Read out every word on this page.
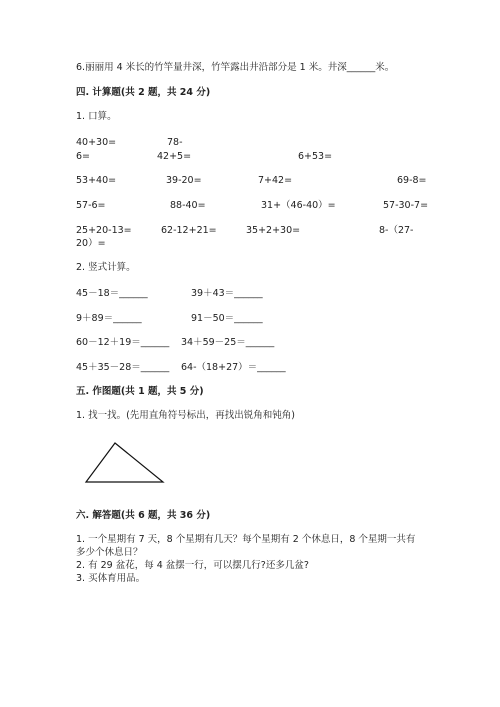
6.丽丽用 4 米长的竹竿量井深，竹竿露出井沿部分是 1 米。井深______米。
四. 计算题(共 2 题，共 24 分)
1. 口算。
40+30=	78-
6=	42+5=	6+53=
53+40=	39-20=	7+42=	69-8=
57-6=	88-40=	31+（46-40）=	57-30-7=
25+20-13=	62-12+21=	35+2+30=	8-（27-
20）=
2. 竖式计算。
45－18＝______	39＋43＝______
9＋89＝______	91－50＝______
60－12＋19＝______ 34＋59－25＝______
45＋35－28＝______ 64-（18+27）＝______
五. 作图题(共 1 题，共 5 分)
1. 找一找。(先用直角符号标出，再找出锐角和钝角)
六. 解答题(共 6 题，共 36 分)
1. 一个星期有 7 天，8 个星期有几天？每个星期有 2 个休息日，8 个星期一共有
多少个休息日？
2. 有 29 盆花，每 4 盆摆一行，可以摆几行?还多几盆?
3. 买体育用品。
